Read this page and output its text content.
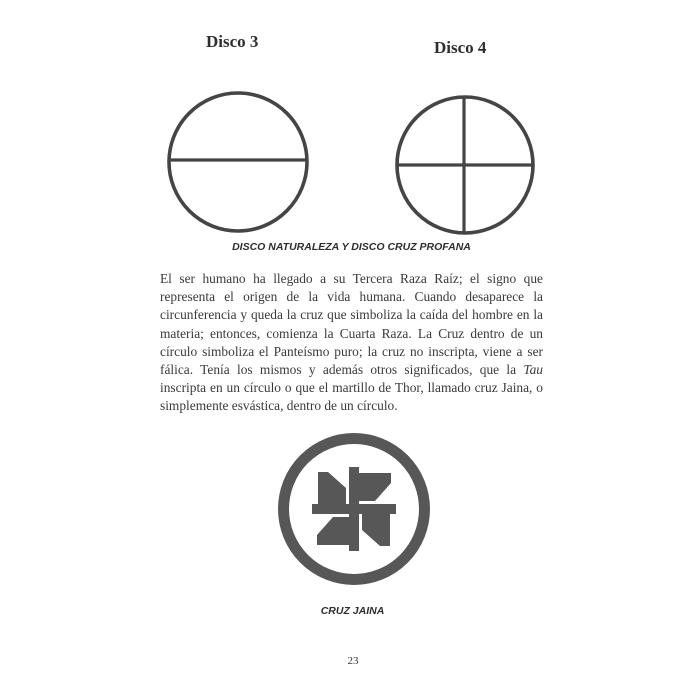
Disco 3	Disco 4
DISCO NATURALEZA Y DISCO CRUZ PROFANA

El ser humano ha llegado a su Tercera Raza Raíz; el signo que representa el origen de la vida humana. Cuando desaparece la circunferencia y queda la cruz que simboliza la caída del hombre en la materia; entonces, comienza la Cuarta Raza. La Cruz dentro de un círculo simboliza el Panteísmo puro; la cruz no inscripta, viene a ser fálica. Tenía los mismos y además otros significados, que la Tau inscripta en un círculo o que el martillo de Thor, llamado cruz Jaina, o simplemente esvástica, dentro de un círculo.

CRUZ JAINA
23
